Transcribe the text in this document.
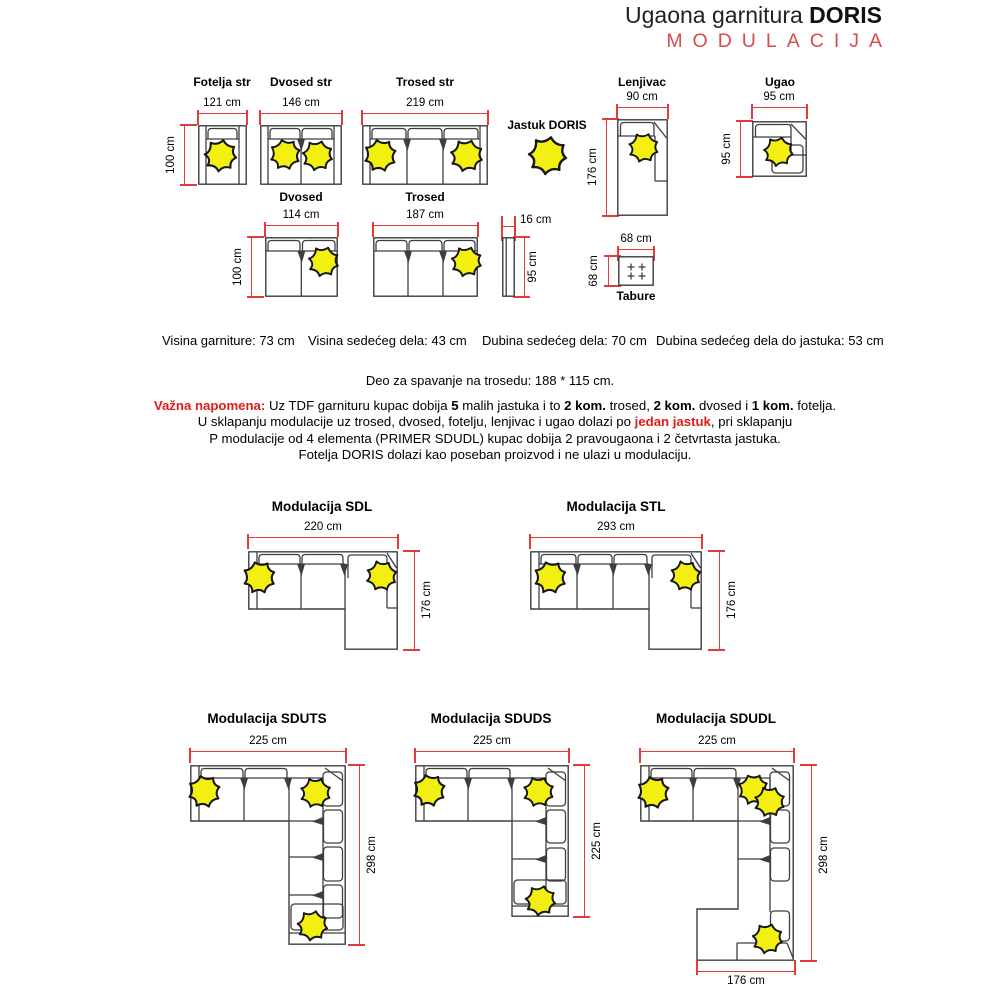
Ugaona garnitura DORIS
MODULACIJA
Fotelja str Dvosed str	Trosed str
Jastuk DORIS
Lenjivac	Ugao
121 cm	146 cm	219 cm	90 cm	95 cm
100 cm	176 cm	95 cm
Dvosed	Trosed
114 cm	187 cm
100 cm
16 cm
95 cm
68 cm
68 cm
Tabure
Visina garniture: 73 cm Visina sedećeg dela: 43 cm Dubina sedećeg dela: 70 cm Dubina sedećeg dela do jastuka: 53 cm
Deo za spavanje na trosedu: 188 * 115 cm.
Važna napomena: Uz TDF garnituru kupac dobija 5 malih jastuka i to 2 kom. trosed, 2 kom. dvosed i 1 kom. fotelja.
U sklapanju modulacije uz trosed, dvosed, fotelju, lenjivac i ugao dolazi po jedan jastuk, pri sklapanju
P modulacije od 4 elementa (PRIMER SDUDL) kupac dobija 2 pravougaona i 2 četvrtasta jastuka.
Fotelja DORIS dolazi kao poseban proizvod i ne ulazi u modulaciju.
Modulacija SDL
220 cm
176 cm
Modulacija STL
293 cm
176 cm
Modulacija SDUTS
225 cm
298 cm
Modulacija SDUDS
225 cm
225 cm
Modulacija SDUDL
225 cm
298 cm
176 cm
